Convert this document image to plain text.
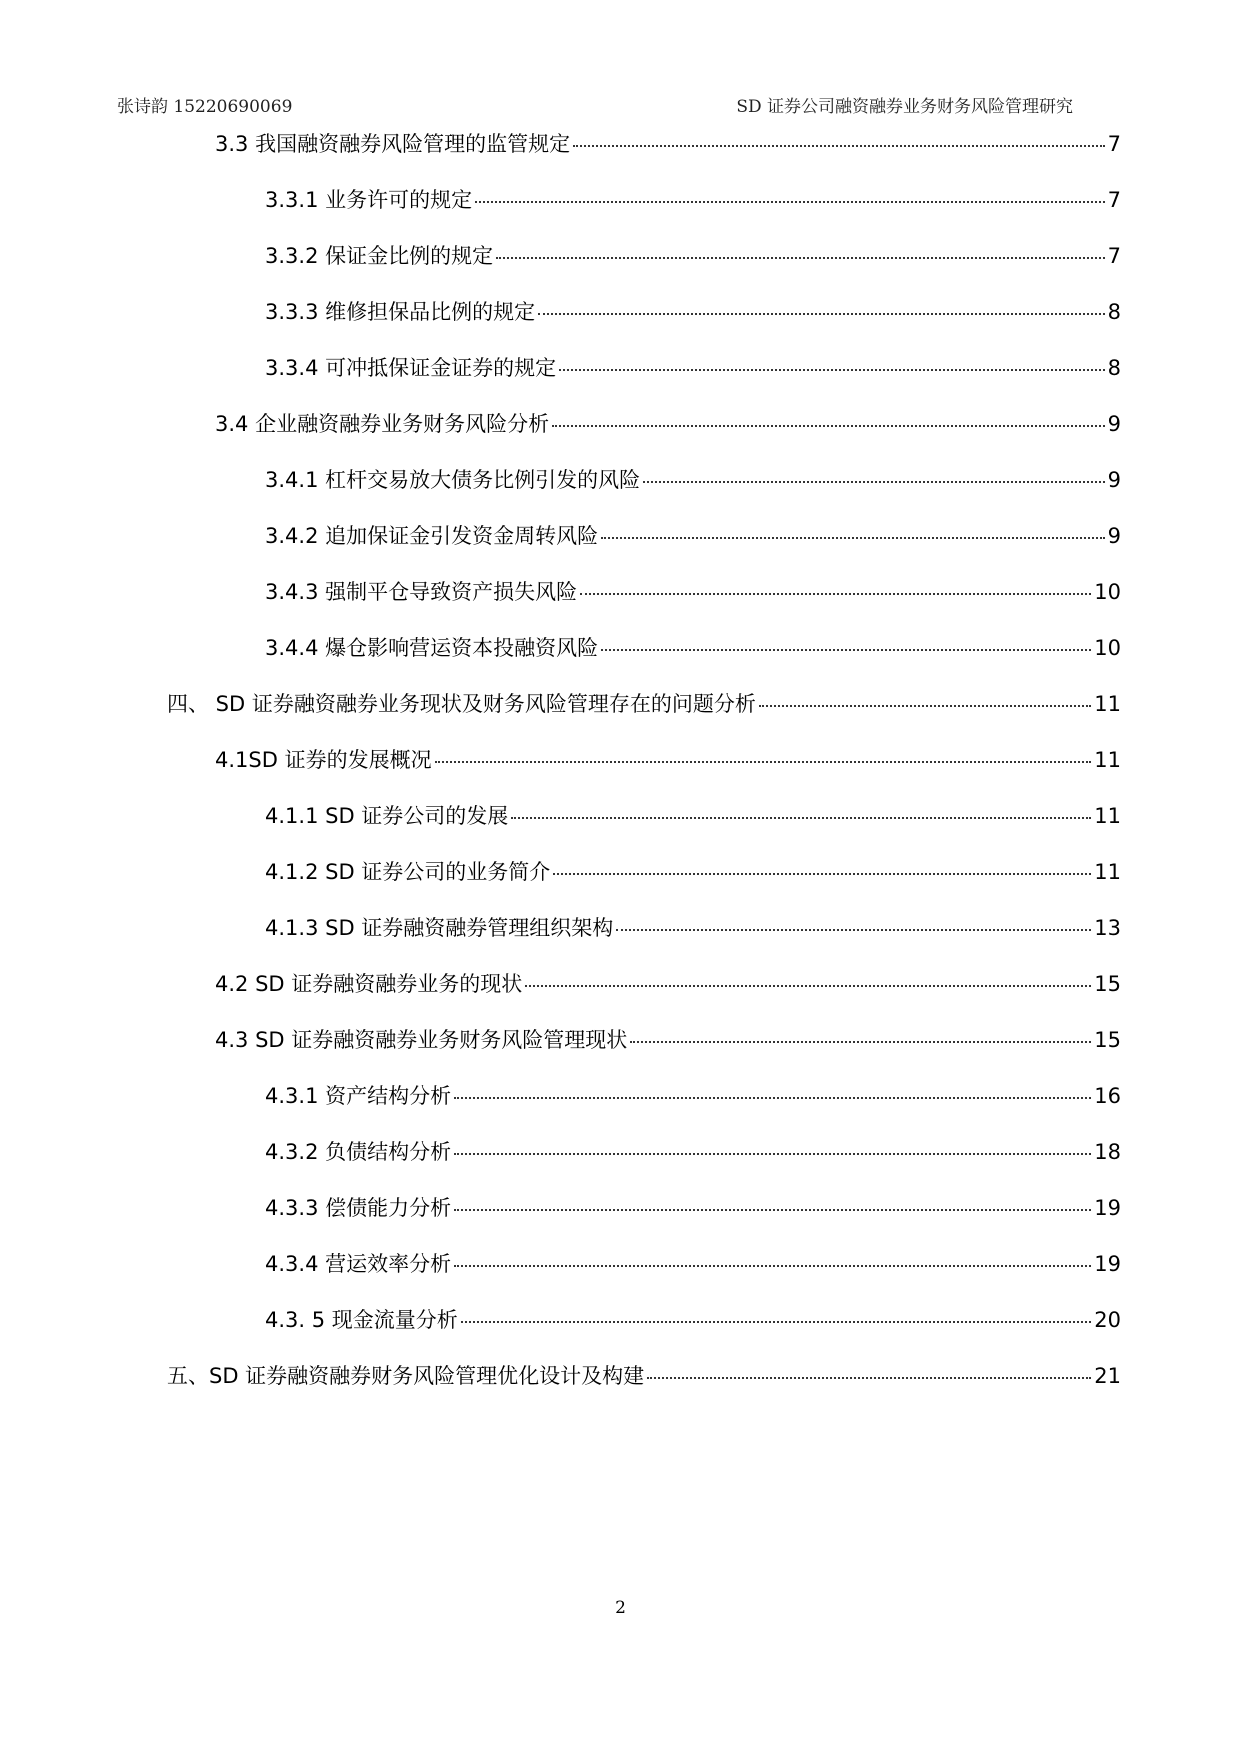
张诗韵 15220690069	SD 证券公司融资融券业务财务风险管理研究
3.3 我国融资融券风险管理的监管规定	7
3.3.1 业务许可的规定	7
3.3.2 保证金比例的规定	7
3.3.3 维修担保品比例的规定	8
3.3.4 可冲抵保证金证券的规定	8
3.4 企业融资融券业务财务风险分析	9
3.4.1 杠杆交易放大债务比例引发的风险	9
3.4.2 追加保证金引发资金周转风险	9
3.4.3 强制平仓导致资产损失风险	10
3.4.4 爆仓影响营运资本投融资风险	10
四、 SD 证券融资融券业务现状及财务风险管理存在的问题分析	11
4.1SD 证券的发展概况	11
4.1.1 SD 证券公司的发展	11
4.1.2 SD 证券公司的业务简介	11
4.1.3 SD 证券融资融券管理组织架构	13
4.2 SD 证券融资融券业务的现状	15
4.3 SD 证券融资融券业务财务风险管理现状	15
4.3.1 资产结构分析	16
4.3.2 负债结构分析	18
4.3.3 偿债能力分析	19
4.3.4 营运效率分析	19
4.3. 5 现金流量分析	20
五、SD 证券融资融券财务风险管理优化设计及构建	21
2
